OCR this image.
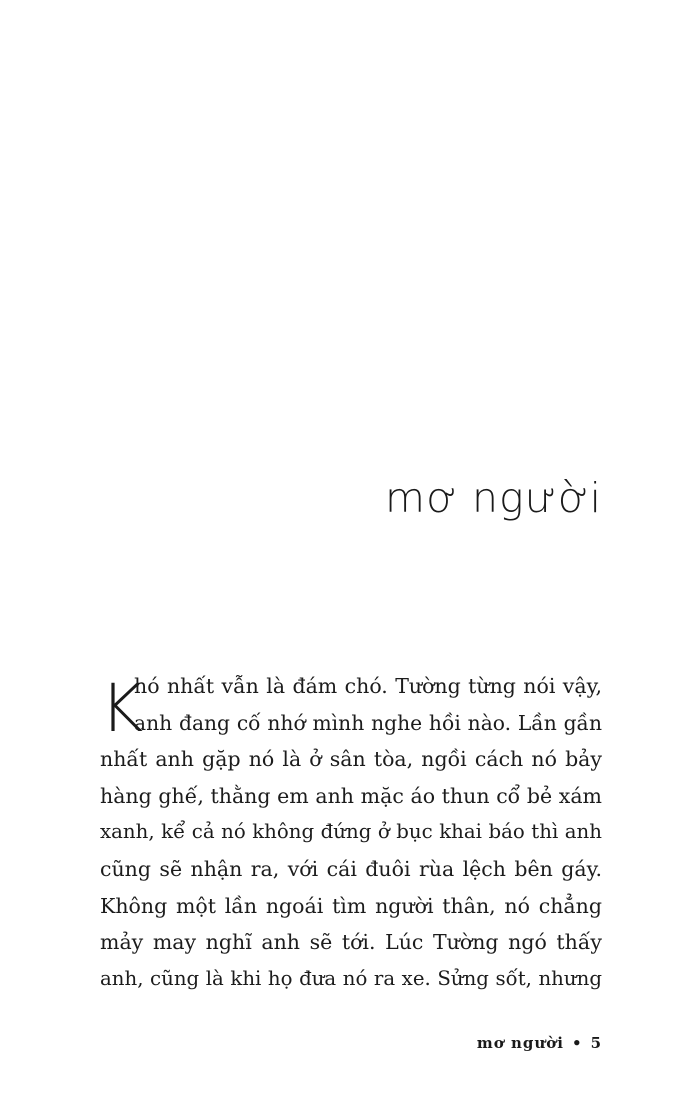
mơ người
K
hó nhất vẫn là đám chó. Tường từng nói vậy,
anh đang cố nhớ mình nghe hồi nào. Lần gần
nhất anh gặp nó là ở sân tòa, ngồi cách nó bảy
hàng ghế, thằng em anh mặc áo thun cổ bẻ xám
xanh, kể cả nó không đứng ở bục khai báo thì anh
cũng sẽ nhận ra, với cái đuôi rùa lệch bên gáy.
Không một lần ngoái tìm người thân, nó chẳng
mảy may nghĩ anh sẽ tới. Lúc Tường ngó thấy
anh, cũng là khi họ đưa nó ra xe. Sửng sốt, nhưng
mơ người • 5
